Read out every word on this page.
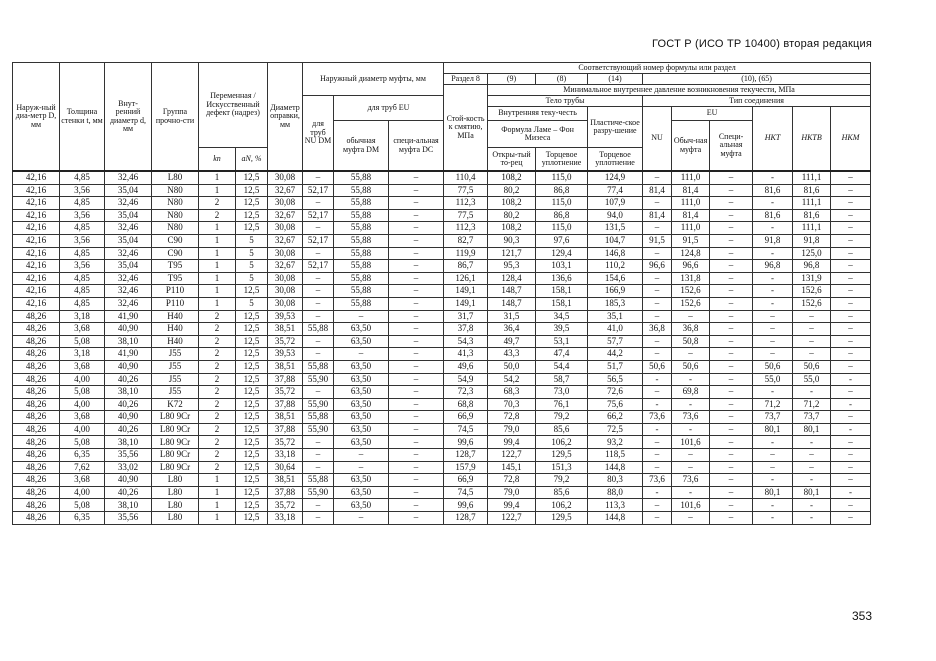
ГОСТ Р (ИСО ТР 10400) вторая редакция
Наруж-ный диа-метр D, мм	Толщина стенки t, мм	Внут-ренний диаметр d, мм	Группа прочно-сти	Переменная /Искусственный дефект (надрез)		Диаметр оправки, мм	Наружный диаметр муфты, мм			Соответствующий номер формулы или раздел									
										Раздел 8	(9)	(8)	(14)	(10), (65)					
										Стой-кость к смятию, МПа	Минимальное внутреннее давление возникновения текучести, МПа								
							для труб NU DM	для труб EU			Тело трубы			Тип соединения					
											Внутренняя теку-честь		Пластиче-ское разру-шение	NU	EU		НКТ	НКТВ	НКМ
								обычная муфта DM	специ-альная муфта DC		Формула Ламе – Фон Мизеса				Обыч-ная муфта	Специ-альная муфта			
				kn	aN, %						Откры-тый то-рец	Торцевое уплотнение	Торцевое уплотнение						
42,16	4,85	32,46	L80	1	12,5	30,08	–	55,88	–	110,4	108,2	115,0	124,9	–	111,0	–	-	111,1	–
42,16	3,56	35,04	N80	1	12,5	32,67	52,17	55,88	–	77,5	80,2	86,8	77,4	81,4	81,4	–	81,6	81,6	–
42,16	4,85	32,46	N80	2	12,5	30,08	–	55,88	–	112,3	108,2	115,0	107,9	–	111,0	–	-	111,1	–
42,16	3,56	35,04	N80	2	12,5	32,67	52,17	55,88	–	77,5	80,2	86,8	94,0	81,4	81,4	–	81,6	81,6	–
42,16	4,85	32,46	N80	1	12,5	30,08	–	55,88	–	112,3	108,2	115,0	131,5	–	111,0	–	-	111,1	–
42,16	3,56	35,04	C90	1	5	32,67	52,17	55,88	–	82,7	90,3	97,6	104,7	91,5	91,5	–	91,8	91,8	–
42,16	4,85	32,46	C90	1	5	30,08	–	55,88	–	119,9	121,7	129,4	146,8	–	124,8	–	-	125,0	–
42,16	3,56	35,04	T95	1	5	32,67	52,17	55,88	–	86,7	95,3	103,1	110,2	96,6	96,6	–	96,8	96,8	–
42,16	4,85	32,46	T95	1	5	30,08	–	55,88	–	126,1	128,4	136,6	154,6	–	131,8	–	-	131,9	–
42,16	4,85	32,46	P110	1	12,5	30,08	–	55,88	–	149,1	148,7	158,1	166,9	–	152,6	–	-	152,6	–
42,16	4,85	32,46	P110	1	5	30,08	–	55,88	–	149,1	148,7	158,1	185,3	–	152,6	–	-	152,6	–
48,26	3,18	41,90	H40	2	12,5	39,53	–	–	–	31,7	31,5	34,5	35,1	–	–	–	–	–	–
48,26	3,68	40,90	H40	2	12,5	38,51	55,88	63,50	–	37,8	36,4	39,5	41,0	36,8	36,8	–	–	–	–
48,26	5,08	38,10	H40	2	12,5	35,72	–	63,50	–	54,3	49,7	53,1	57,7	–	50,8	–	–	–	–
48,26	3,18	41,90	J55	2	12,5	39,53	–	–	–	41,3	43,3	47,4	44,2	–	–	–	–	–	–
48,26	3,68	40,90	J55	2	12,5	38,51	55,88	63,50	–	49,6	50,0	54,4	51,7	50,6	50,6	–	50,6	50,6	–
48,26	4,00	40,26	J55	2	12,5	37,88	55,90	63,50	–	54,9	54,2	58,7	56,5	-	-	–	55,0	55,0	-
48,26	5,08	38,10	J55	2	12,5	35,72	–	63,50	–	72,3	68,3	73,0	72,6	–	69,8	–	-	-	–
48,26	4,00	40,26	K72	2	12,5	37,88	55,90	63,50	–	68,8	70,3	76,1	75,6	-	-	–	71,2	71,2	-
48,26	3,68	40,90	L80 9Cr	2	12,5	38,51	55,88	63,50	–	66,9	72,8	79,2	66,2	73,6	73,6	–	73,7	73,7	–
48,26	4,00	40,26	L80 9Cr	2	12,5	37,88	55,90	63,50	–	74,5	79,0	85,6	72,5	-	-	–	80,1	80,1	-
48,26	5,08	38,10	L80 9Cr	2	12,5	35,72	–	63,50	–	99,6	99,4	106,2	93,2	–	101,6	–	-	-	–
48,26	6,35	35,56	L80 9Cr	2	12,5	33,18	–	–	–	128,7	122,7	129,5	118,5	–	–	–	–	–	–
48,26	7,62	33,02	L80 9Cr	2	12,5	30,64	–	–	–	157,9	145,1	151,3	144,8	–	–	–	–	–	–
48,26	3,68	40,90	L80	1	12,5	38,51	55,88	63,50	–	66,9	72,8	79,2	80,3	73,6	73,6	–	-	-	–
48,26	4,00	40,26	L80	1	12,5	37,88	55,90	63,50	–	74,5	79,0	85,6	88,0	-	-	–	80,1	80,1	-
48,26	5,08	38,10	L80	1	12,5	35,72	–	63,50	–	99,6	99,4	106,2	113,3	–	101,6	–	-	-	–
48,26	6,35	35,56	L80	1	12,5	33,18	–	–	–	128,7	122,7	129,5	144,8	–	–	–	-	-	–
353
